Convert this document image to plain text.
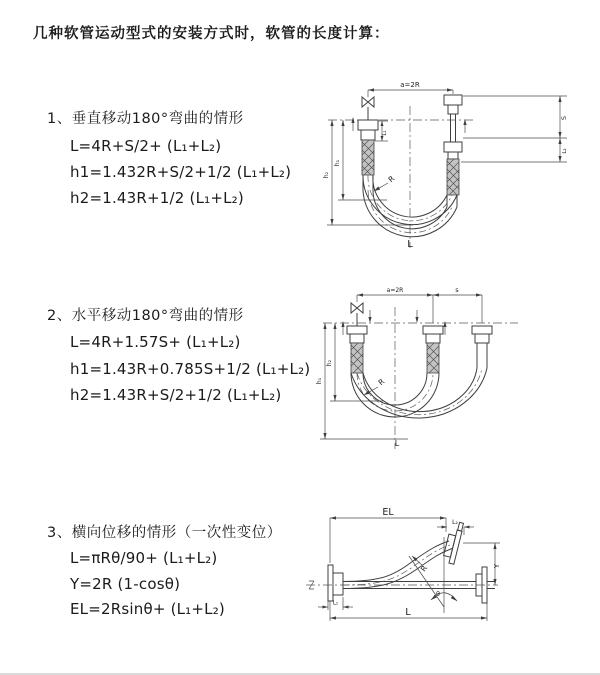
几种软管运动型式的安装方式时，软管的长度计算：
1、垂直移动180°弯曲的情形
L=4R+S/2+ (L₁+L₂)
h1=1.432R+S/2+1/2 (L₁+L₂)
h2=1.43R+1/2 (L₁+L₂)
2、水平移动180°弯曲的情形
L=4R+1.57S+ (L₁+L₂)
h1=1.43R+0.785S+1/2 (L₁+L₂)
h2=1.43R+S/2+1/2 (L₁+L₂)
3、横向位移的情形（一次性变位）
L=πRθ/90+ (L₁+L₂)
Y=2R (1-cosθ)
EL=2Rsinθ+ (L₁+L₂)
a=2R
h₂
h₁
L₁
S
L₂
R
L
a=2R	s
h₁
h₂
R
L
EL
L₂
θ
R	Y
L₁
L
